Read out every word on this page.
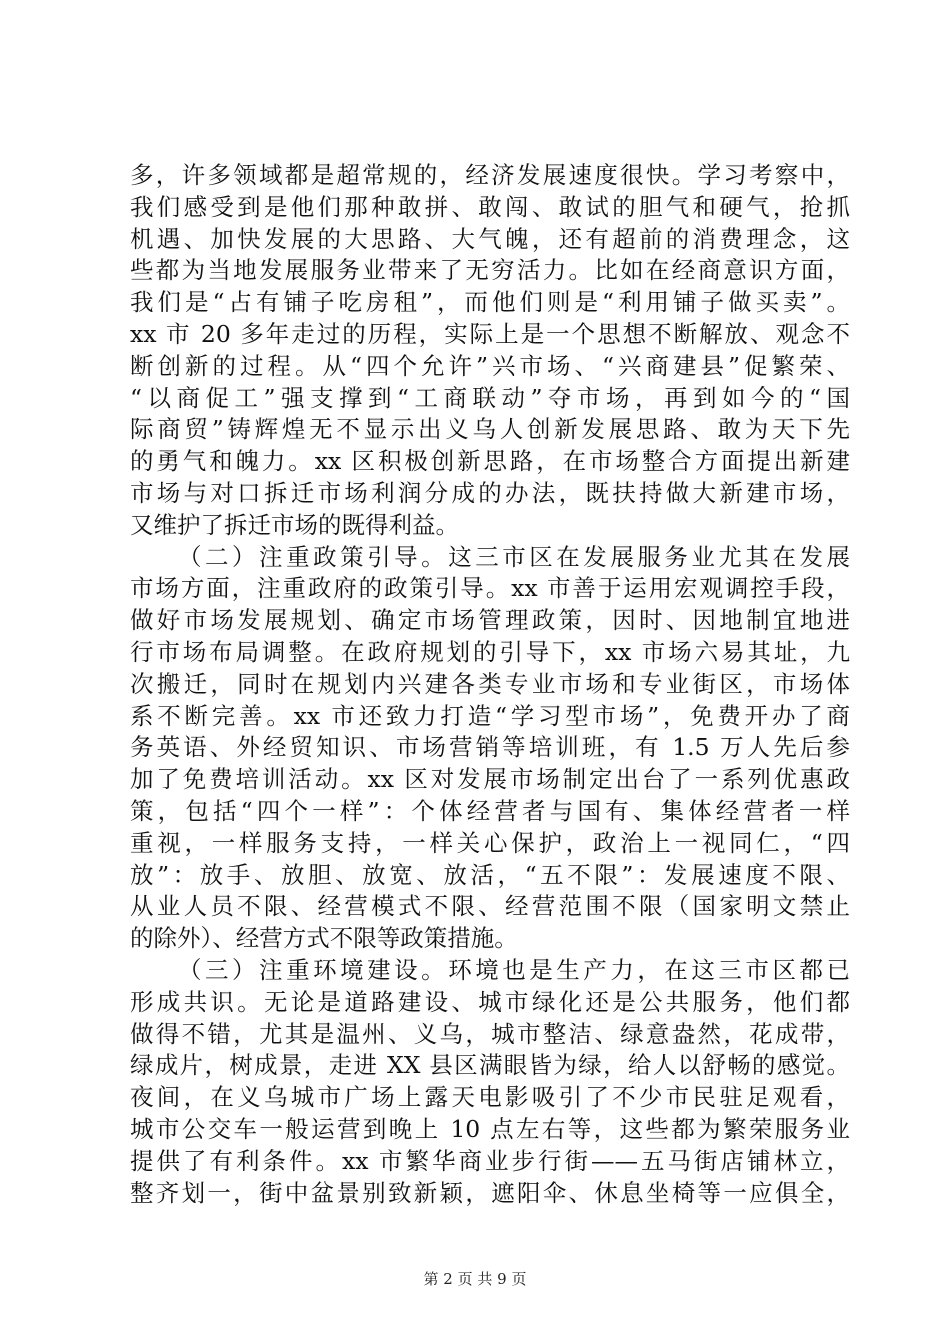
多，许多领域都是超常规的，经济发展速度很快。学习考察中，
我们感受到是他们那种敢拼、敢闯、敢试的胆气和硬气，抢抓
机遇、加快发展的大思路、大气魄，还有超前的消费理念，这
些都为当地发展服务业带来了无穷活力。比如在经商意识方面，
我们是“占有铺子吃房租”，而他们则是“利用铺子做买卖”。
xx 市 20 多年走过的历程，实际上是一个思想不断解放、观念不
断创新的过程。从“四个允许”兴市场、“兴商建县”促繁荣、
“以商促工”强支撑到“工商联动”夺市场，再到如今的“国
际商贸”铸辉煌无不显示出义乌人创新发展思路、敢为天下先
的勇气和魄力。xx 区积极创新思路，在市场整合方面提出新建
市场与对口拆迁市场利润分成的办法，既扶持做大新建市场，
又维护了拆迁市场的既得利益。
（二）注重政策引导。这三市区在发展服务业尤其在发展
市场方面，注重政府的政策引导。xx 市善于运用宏观调控手段，
做好市场发展规划、确定市场管理政策，因时、因地制宜地进
行市场布局调整。在政府规划的引导下，xx 市场六易其址，九
次搬迁，同时在规划内兴建各类专业市场和专业街区，市场体
系不断完善。xx 市还致力打造“学习型市场”，免费开办了商
务英语、外经贸知识、市场营销等培训班，有 1.5 万人先后参
加了免费培训活动。xx 区对发展市场制定出台了一系列优惠政
策，包括“四个一样”：个体经营者与国有、集体经营者一样
重视，一样服务支持，一样关心保护，政治上一视同仁，“四
放”：放手、放胆、放宽、放活，“五不限”：发展速度不限、
从业人员不限、经营模式不限、经营范围不限（国家明文禁止
的除外）、经营方式不限等政策措施。
（三）注重环境建设。环境也是生产力，在这三市区都已
形成共识。无论是道路建设、城市绿化还是公共服务，他们都
做得不错，尤其是温州、义乌，城市整洁、绿意盎然，花成带，
绿成片，树成景，走进 XX 县区满眼皆为绿，给人以舒畅的感觉。
夜间，在义乌城市广场上露天电影吸引了不少市民驻足观看，
城市公交车一般运营到晚上 10 点左右等，这些都为繁荣服务业
提供了有利条件。xx 市繁华商业步行街——五马街店铺林立，
整齐划一，街中盆景别致新颖，遮阳伞、休息坐椅等一应俱全，
第 2 页 共 9 页
